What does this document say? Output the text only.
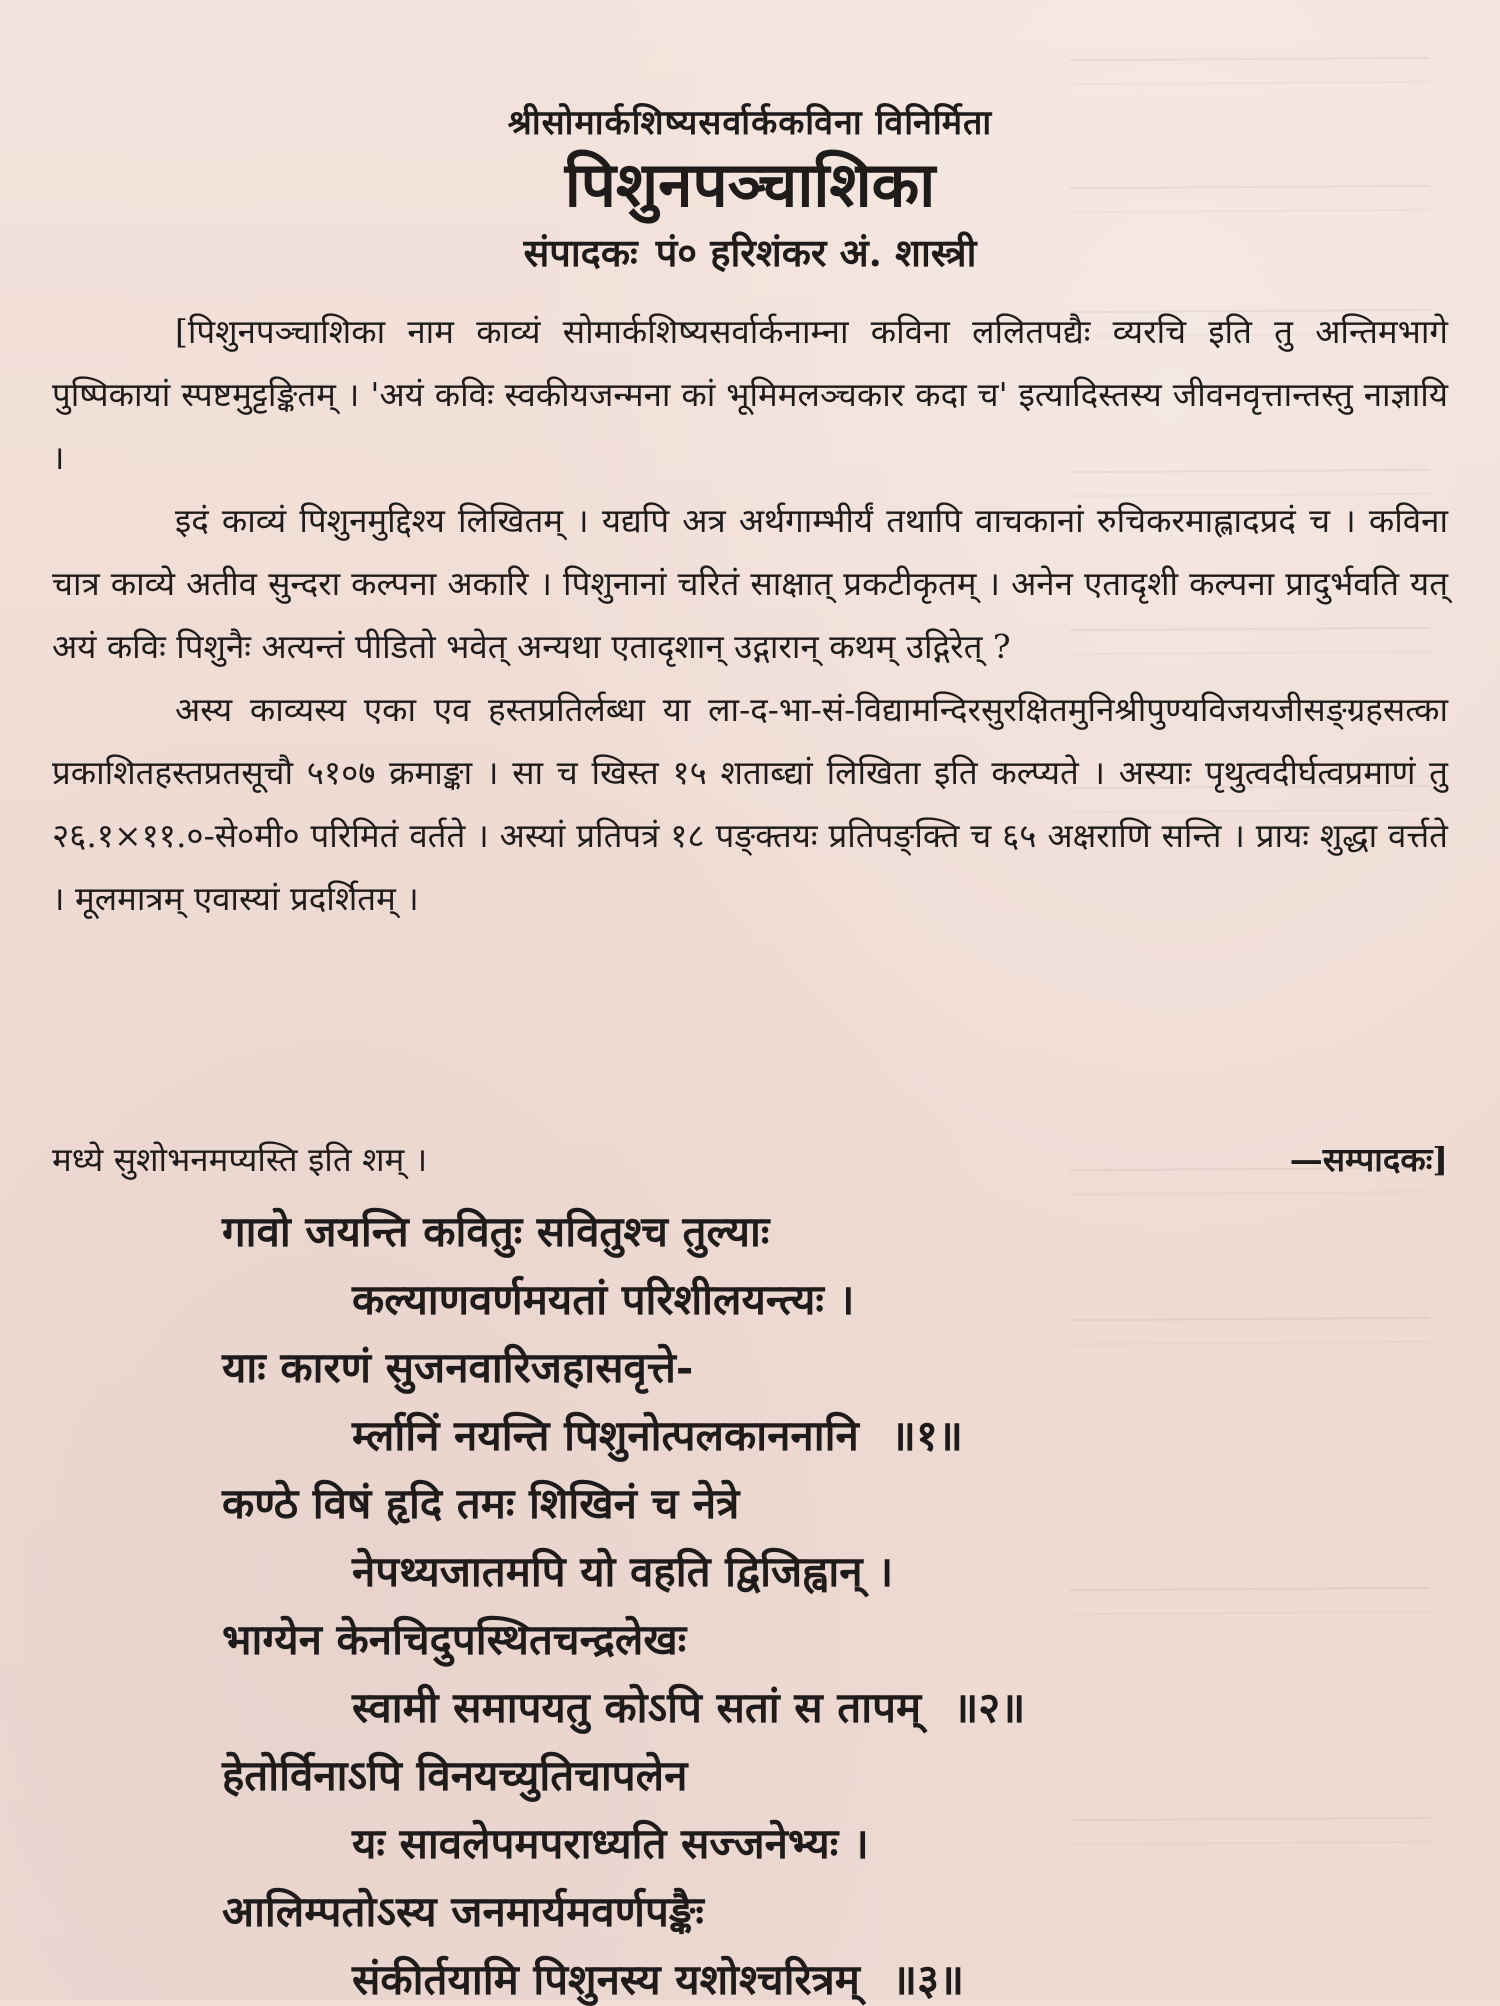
श्रीसोमार्कशिष्यसर्वार्ककविना विनिर्मिता
पिशुनपञ्चाशिका
संपादकः पं० हरिशंकर अं. शास्त्री

[पिशुनपञ्चाशिका नाम काव्यं सोमार्कशिष्यसर्वार्कनाम्ना कविना ललितपद्यैः व्यरचि इति तु अन्तिमभागे पुष्पिकायां स्पष्टमुट्टङ्कितम् । 'अयं कविः स्वकीयजन्मना कां भूमिमलञ्चकार कदा च' इत्यादिस्तस्य जीवनवृत्तान्तस्तु नाज्ञायि ।

इदं काव्यं पिशुनमुद्दिश्य लिखितम् । यद्यपि अत्र अर्थगाम्भीर्यं तथापि वाचकानां रुचिकरमाह्लादप्रदं च । कविना चात्र काव्ये अतीव सुन्दरा कल्पना अकारि । पिशुनानां चरितं साक्षात् प्रकटीकृतम् । अनेन एतादृशी कल्पना प्रादुर्भवति यत् अयं कविः पिशुनैः अत्यन्तं पीडितो भवेत् अन्यथा एतादृशान् उद्गारान् कथम् उद्गिरेत् ?

अस्य काव्यस्य एका एव हस्तप्रतिर्लब्धा या ला-द-भा-सं-विद्यामन्दिरसुरक्षितमुनिश्रीपुण्यविजयजीसङ्ग्रहसत्का प्रकाशितहस्तप्रतसूचौ ५१०७ क्रमाङ्का । सा च खिस्त १५ शताब्द्यां लिखिता इति कल्प्यते । अस्याः पृथुत्वदीर्घत्वप्रमाणं तु २६.१×११.०-से०मी० परिमितं वर्तते । अस्यां प्रतिपत्रं १८ पङ्क्तयः प्रतिपङ्क्ति च ६५ अक्षराणि सन्ति । प्रायः शुद्धा वर्त्तते । मूलमात्रम् एवास्यां प्रदर्शितम् ।

मध्ये सुशोभनमप्यस्ति इति शम् ।	—सम्पादकः]
गावो जयन्ति कवितुः सवितुश्च तुल्याः
कल्याणवर्णमयतां परिशीलयन्त्यः ।
याः कारणं सुजनवारिजहासवृत्ते-
र्म्लानिं नयन्ति पिशुनोत्पलकाननानि ॥१॥
कण्ठे विषं हृदि तमः शिखिनं च नेत्रे
नेपथ्यजातमपि यो वहति द्विजिह्वान् ।
भाग्येन केनचिदुपस्थितचन्द्रलेखः
स्वामी समापयतु कोऽपि सतां स तापम् ॥२॥
हेतोर्विनाऽपि विनयच्युतिचापलेन
यः सावलेपमपराध्यति सज्जनेभ्यः ।
आलिम्पतोऽस्य जनमार्यमवर्णपङ्कैः
संकीर्तयामि पिशुनस्य यशोश्चरित्रम् ॥३॥
